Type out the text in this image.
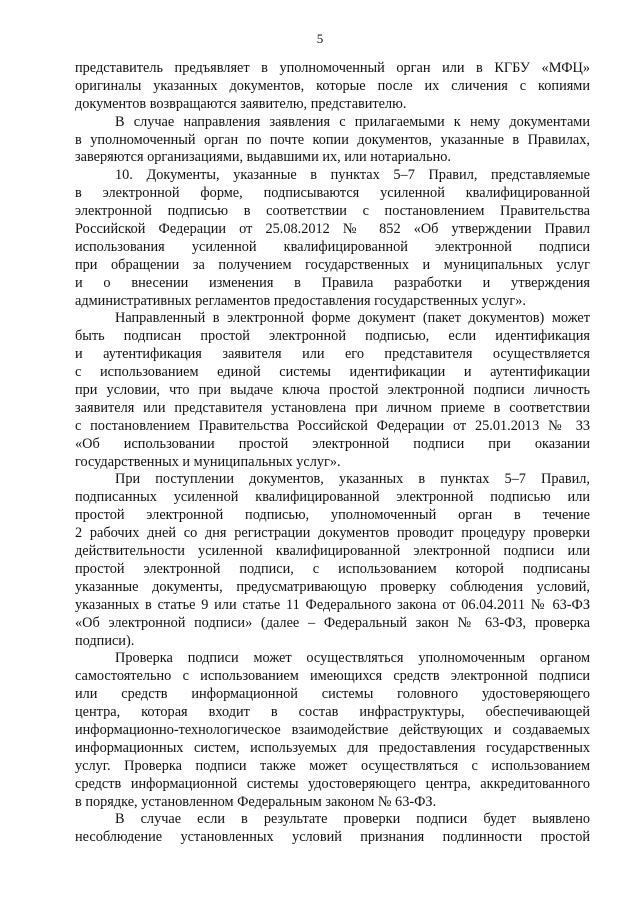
5
представитель предъявляет в уполномоченный орган или в КГБУ «МФЦ»
оригиналы указанных документов, которые после их сличения с копиями
документов возвращаются заявителю, представителю.
В случае направления заявления с прилагаемыми к нему документами
в уполномоченный орган по почте копии документов, указанные в Правилах,
заверяются организациями, выдавшими их, или нотариально.
10. Документы, указанные в пунктах 5–7 Правил, представляемые
в электронной форме, подписываются усиленной квалифицированной
электронной подписью в соответствии с постановлением Правительства
Российской Федерации от 25.08.2012 № 852 «Об утверждении Правил
использования усиленной квалифицированной электронной подписи
при обращении за получением государственных и муниципальных услуг
и о внесении изменения в Правила разработки и утверждения
административных регламентов предоставления государственных услуг».
Направленный в электронной форме документ (пакет документов) может
быть подписан простой электронной подписью, если идентификация
и аутентификация заявителя или его представителя осуществляется
с использованием единой системы идентификации и аутентификации
при условии, что при выдаче ключа простой электронной подписи личность
заявителя или представителя установлена при личном приеме в соответствии
с постановлением Правительства Российской Федерации от 25.01.2013 № 33
«Об использовании простой электронной подписи при оказании
государственных и муниципальных услуг».
При поступлении документов, указанных в пунктах 5–7 Правил,
подписанных усиленной квалифицированной электронной подписью или
простой электронной подписью, уполномоченный орган в течение
2 рабочих дней со дня регистрации документов проводит процедуру проверки
действительности усиленной квалифицированной электронной подписи или
простой электронной подписи, с использованием которой подписаны
указанные документы, предусматривающую проверку соблюдения условий,
указанных в статье 9 или статье 11 Федерального закона от 06.04.2011 № 63-ФЗ
«Об электронной подписи» (далее – Федеральный закон № 63-ФЗ, проверка
подписи).
Проверка подписи может осуществляться уполномоченным органом
самостоятельно с использованием имеющихся средств электронной подписи
или средств информационной системы головного удостоверяющего
центра, которая входит в состав инфраструктуры, обеспечивающей
информационно-технологическое взаимодействие действующих и создаваемых
информационных систем, используемых для предоставления государственных
услуг. Проверка подписи также может осуществляться с использованием
средств информационной системы удостоверяющего центра, аккредитованного
в порядке, установленном Федеральным законом № 63-ФЗ.
В случае если в результате проверки подписи будет выявлено
несоблюдение установленных условий признания подлинности простой
